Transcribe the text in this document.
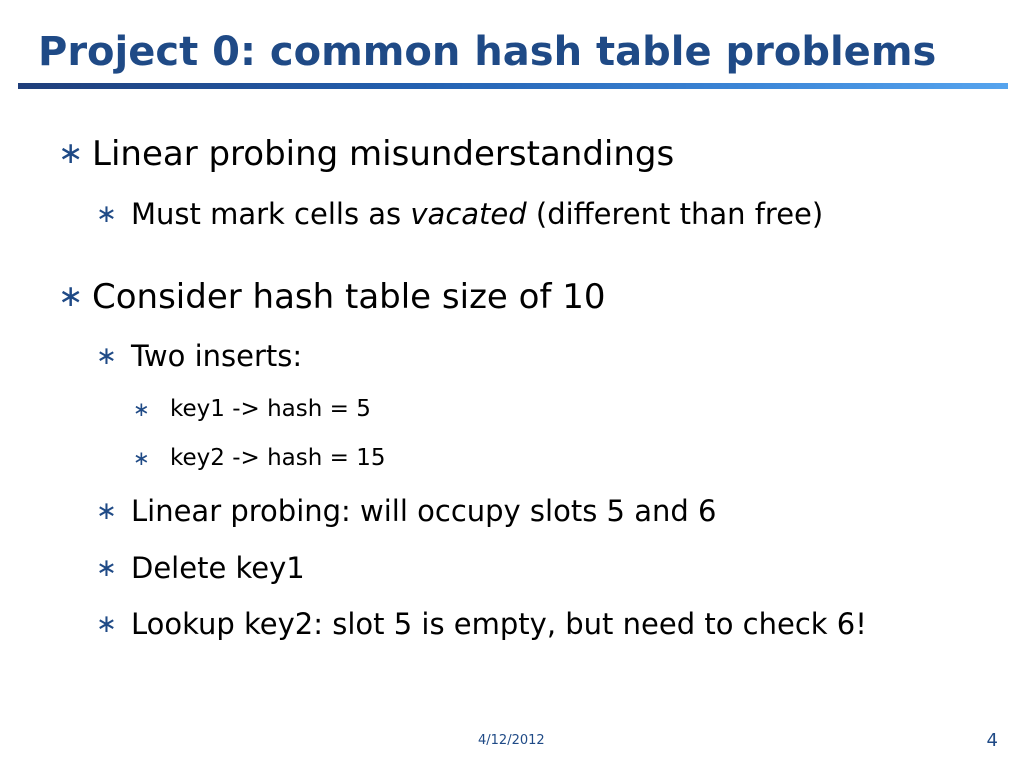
Project 0: common hash table problems
∗ Linear probing misunderstandings
∗ Must mark cells as vacated (different than free)
∗ Consider hash table size of 10
∗ Two inserts:
∗ key1 -> hash = 5
∗ key2 -> hash = 15
∗ Linear probing: will occupy slots 5 and 6
∗ Delete key1
∗ Lookup key2: slot 5 is empty, but need to check 6!
4/12/2012	4
